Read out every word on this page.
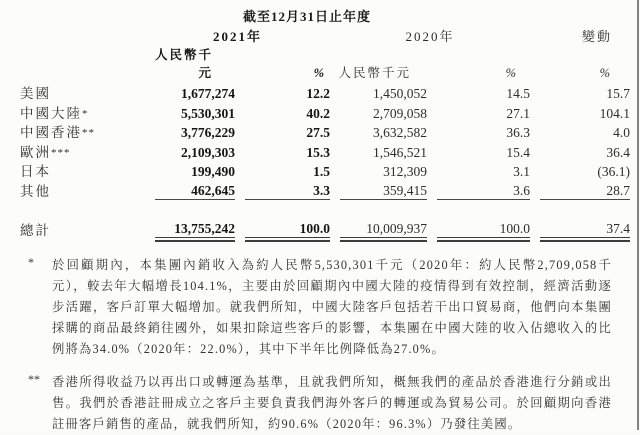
截至12月31日止年度
2021年	2020年	變動
人民幣千元	%	人民幣千元	%	%
美國	1,677,274	12.2	1,450,052	14.5	15.7
中國大陸*	5,530,301	40.2	2,709,058	27.1	104.1
中國香港**	3,776,229	27.5	3,632,582	36.3	4.0
歐洲***	2,109,303	15.3	1,546,521	15.4	36.4
日本	199,490	1.5	312,309	3.1	(36.1)
其他	462,645	3.3	359,415	3.6	28.7
總計	13,755,242	100.0	10,009,937	100.0	37.4
*	於回顧期內，本集團內銷收入為約人民幣5,530,301千元（2020年：約人民幣2,709,058千元），較去年大幅增長104.1%，主要由於回顧期內中國大陸的疫情得到有效控制，經濟活動逐步活躍，客戶訂單大幅增加。就我們所知，中國大陸客戶包括若干出口貿易商，他們向本集團採購的商品最終銷往國外，如果扣除這些客戶的影響，本集團在中國大陸的收入佔總收入的比例將為34.0%（2020年：22.0%），其中下半年比例降低為27.0%。
** 香港所得收益乃以再出口或轉運為基準，且就我們所知，概無我們的產品於香港進行分銷或出售。我們於香港註冊成立之客戶主要負責我們海外客戶的轉運或為貿易公司。於回顧期向香港註冊客戶銷售的產品，就我們所知，約90.6%（2020年：96.3%）乃發往美國。
